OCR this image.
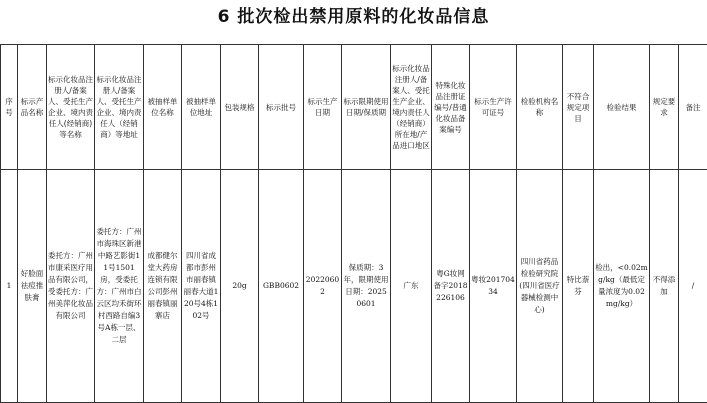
6 批次检出禁用原料的化妆品信息
序号	标示产品名称	标示化妆品注册人/备案人、受托生产企业、境内责任人(经销商)等名称	标示化妆品注册人/备案人、受托生产企业、境内责任人（经销商）等地址	被抽样单位名称	被抽样单位地址	包装规格	标示批号	标示生产日期	标示限期使用日期/保质期	标示化妆品注册人/备案人、受托生产企业、境内责任人（经销商）所在地/产品进口地区	特殊化妆品注册证编号/普通化妆品备案编号	标示生产许可证号	检验机构名称	不符合规定项目	检验结果	规定要求	备注
1	好脸面祛痘推肤膏	委托方：广州市康采医疗用品有限公司，受委托方：广州美萍化妆品有限公司	委托方：广州市海珠区新港中路艺影街11号1501房，受委托方：广州市白云区均禾街环村西路自编3号A栋一层、二层	成都健尔堂大药房连锁有限公司彭州丽春镇丽寨店	四川省成都市彭州市丽春镇丽春大道120号4栋102号	20g	GBB0602	20220602	保质期：3年，限期使用日期：20250601	广东	粤G妆网备字2018226106	粤妆20170434	四川省药品检验研究院(四川省医疗器械检测中心)	特比萘芬	检出，<0.02mg/kg（最低定量浓度为0.02mg/kg）	不得添加	/
